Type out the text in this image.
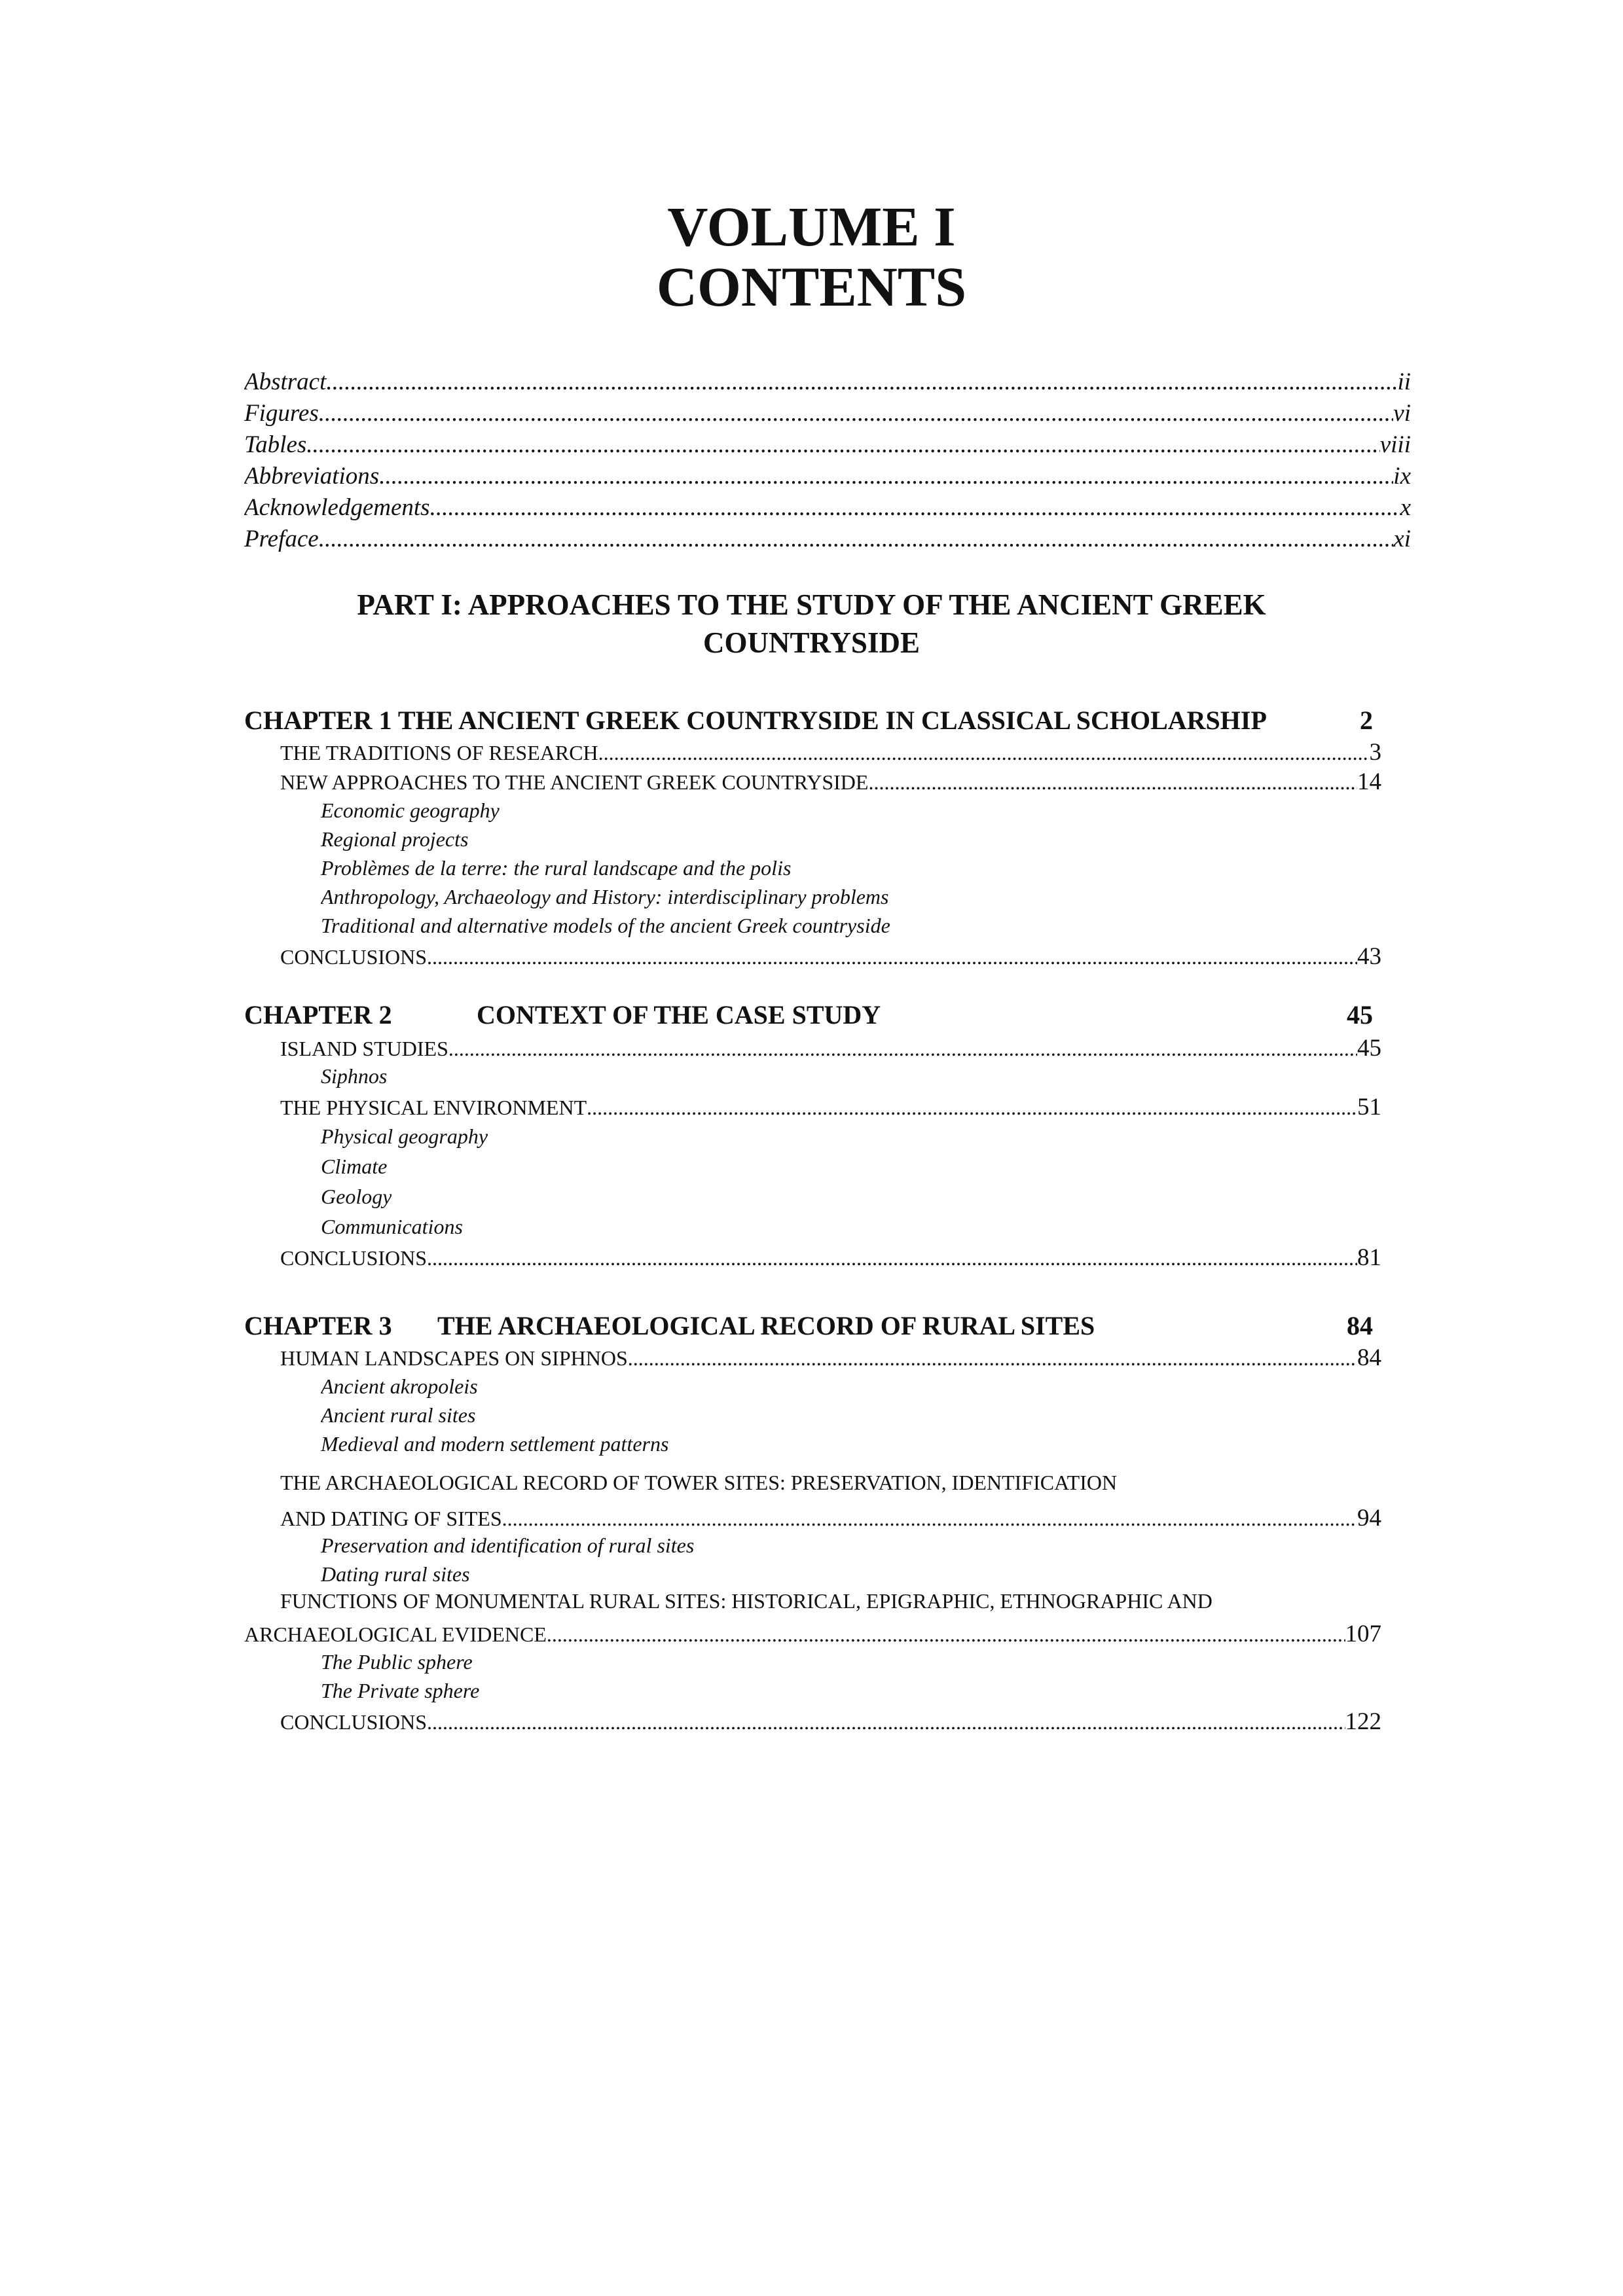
VOLUME I
CONTENTS
Abstract .....	ii
Figures .....	vi
Tables .....	viii
Abbreviations .....	ix
Acknowledgements .....	x
Preface .....	xi
PART I: APPROACHES TO THE STUDY OF THE ANCIENT GREEK
COUNTRYSIDE
CHAPTER 1 THE ANCIENT GREEK COUNTRYSIDE IN CLASSICAL SCHOLARSHIP	2
THE TRADITIONS OF RESEARCH .....	3
NEW APPROACHES TO THE ANCIENT GREEK COUNTRYSIDE .....	14
Economic geography
Regional projects
Problèmes de la terre: the rural landscape and the polis
Anthropology, Archaeology and History: interdisciplinary problems
Traditional and alternative models of the ancient Greek countryside
CONCLUSIONS .....	43
CHAPTER 2	CONTEXT OF THE CASE STUDY	45
ISLAND STUDIES .....	45
Siphnos
THE PHYSICAL ENVIRONMENT .....	51
Physical geography
Climate
Geology
Communications
CONCLUSIONS .....	81
CHAPTER 3 THE ARCHAEOLOGICAL RECORD OF RURAL SITES	84
HUMAN LANDSCAPES ON SIPHNOS .....	84
Ancient akropoleis
Ancient rural sites
Medieval and modern settlement patterns
THE ARCHAEOLOGICAL RECORD OF TOWER SITES: PRESERVATION, IDENTIFICATION
AND DATING OF SITES .....	94
Preservation and identification of rural sites
Dating rural sites
FUNCTIONS OF MONUMENTAL RURAL SITES: HISTORICAL, EPIGRAPHIC, ETHNOGRAPHIC AND
ARCHAEOLOGICAL EVIDENCE .....	107
The Public sphere
The Private sphere
CONCLUSIONS .....	122
